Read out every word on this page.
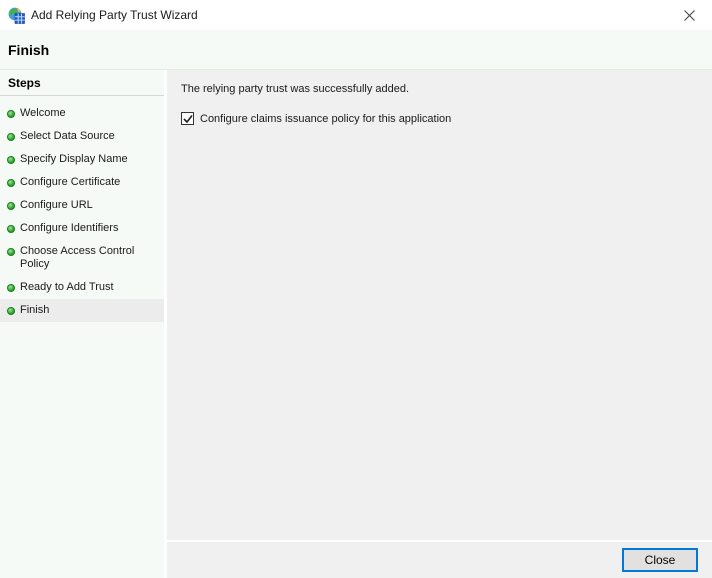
Add Relying Party Trust Wizard
Finish
Steps
Welcome
Select Data Source
Specify Display Name
Configure Certificate
Configure URL
Configure Identifiers
Choose Access Control Policy
Ready to Add Trust
Finish

The relying party trust was successfully added.

Configure claims issuance policy for this application
Close
